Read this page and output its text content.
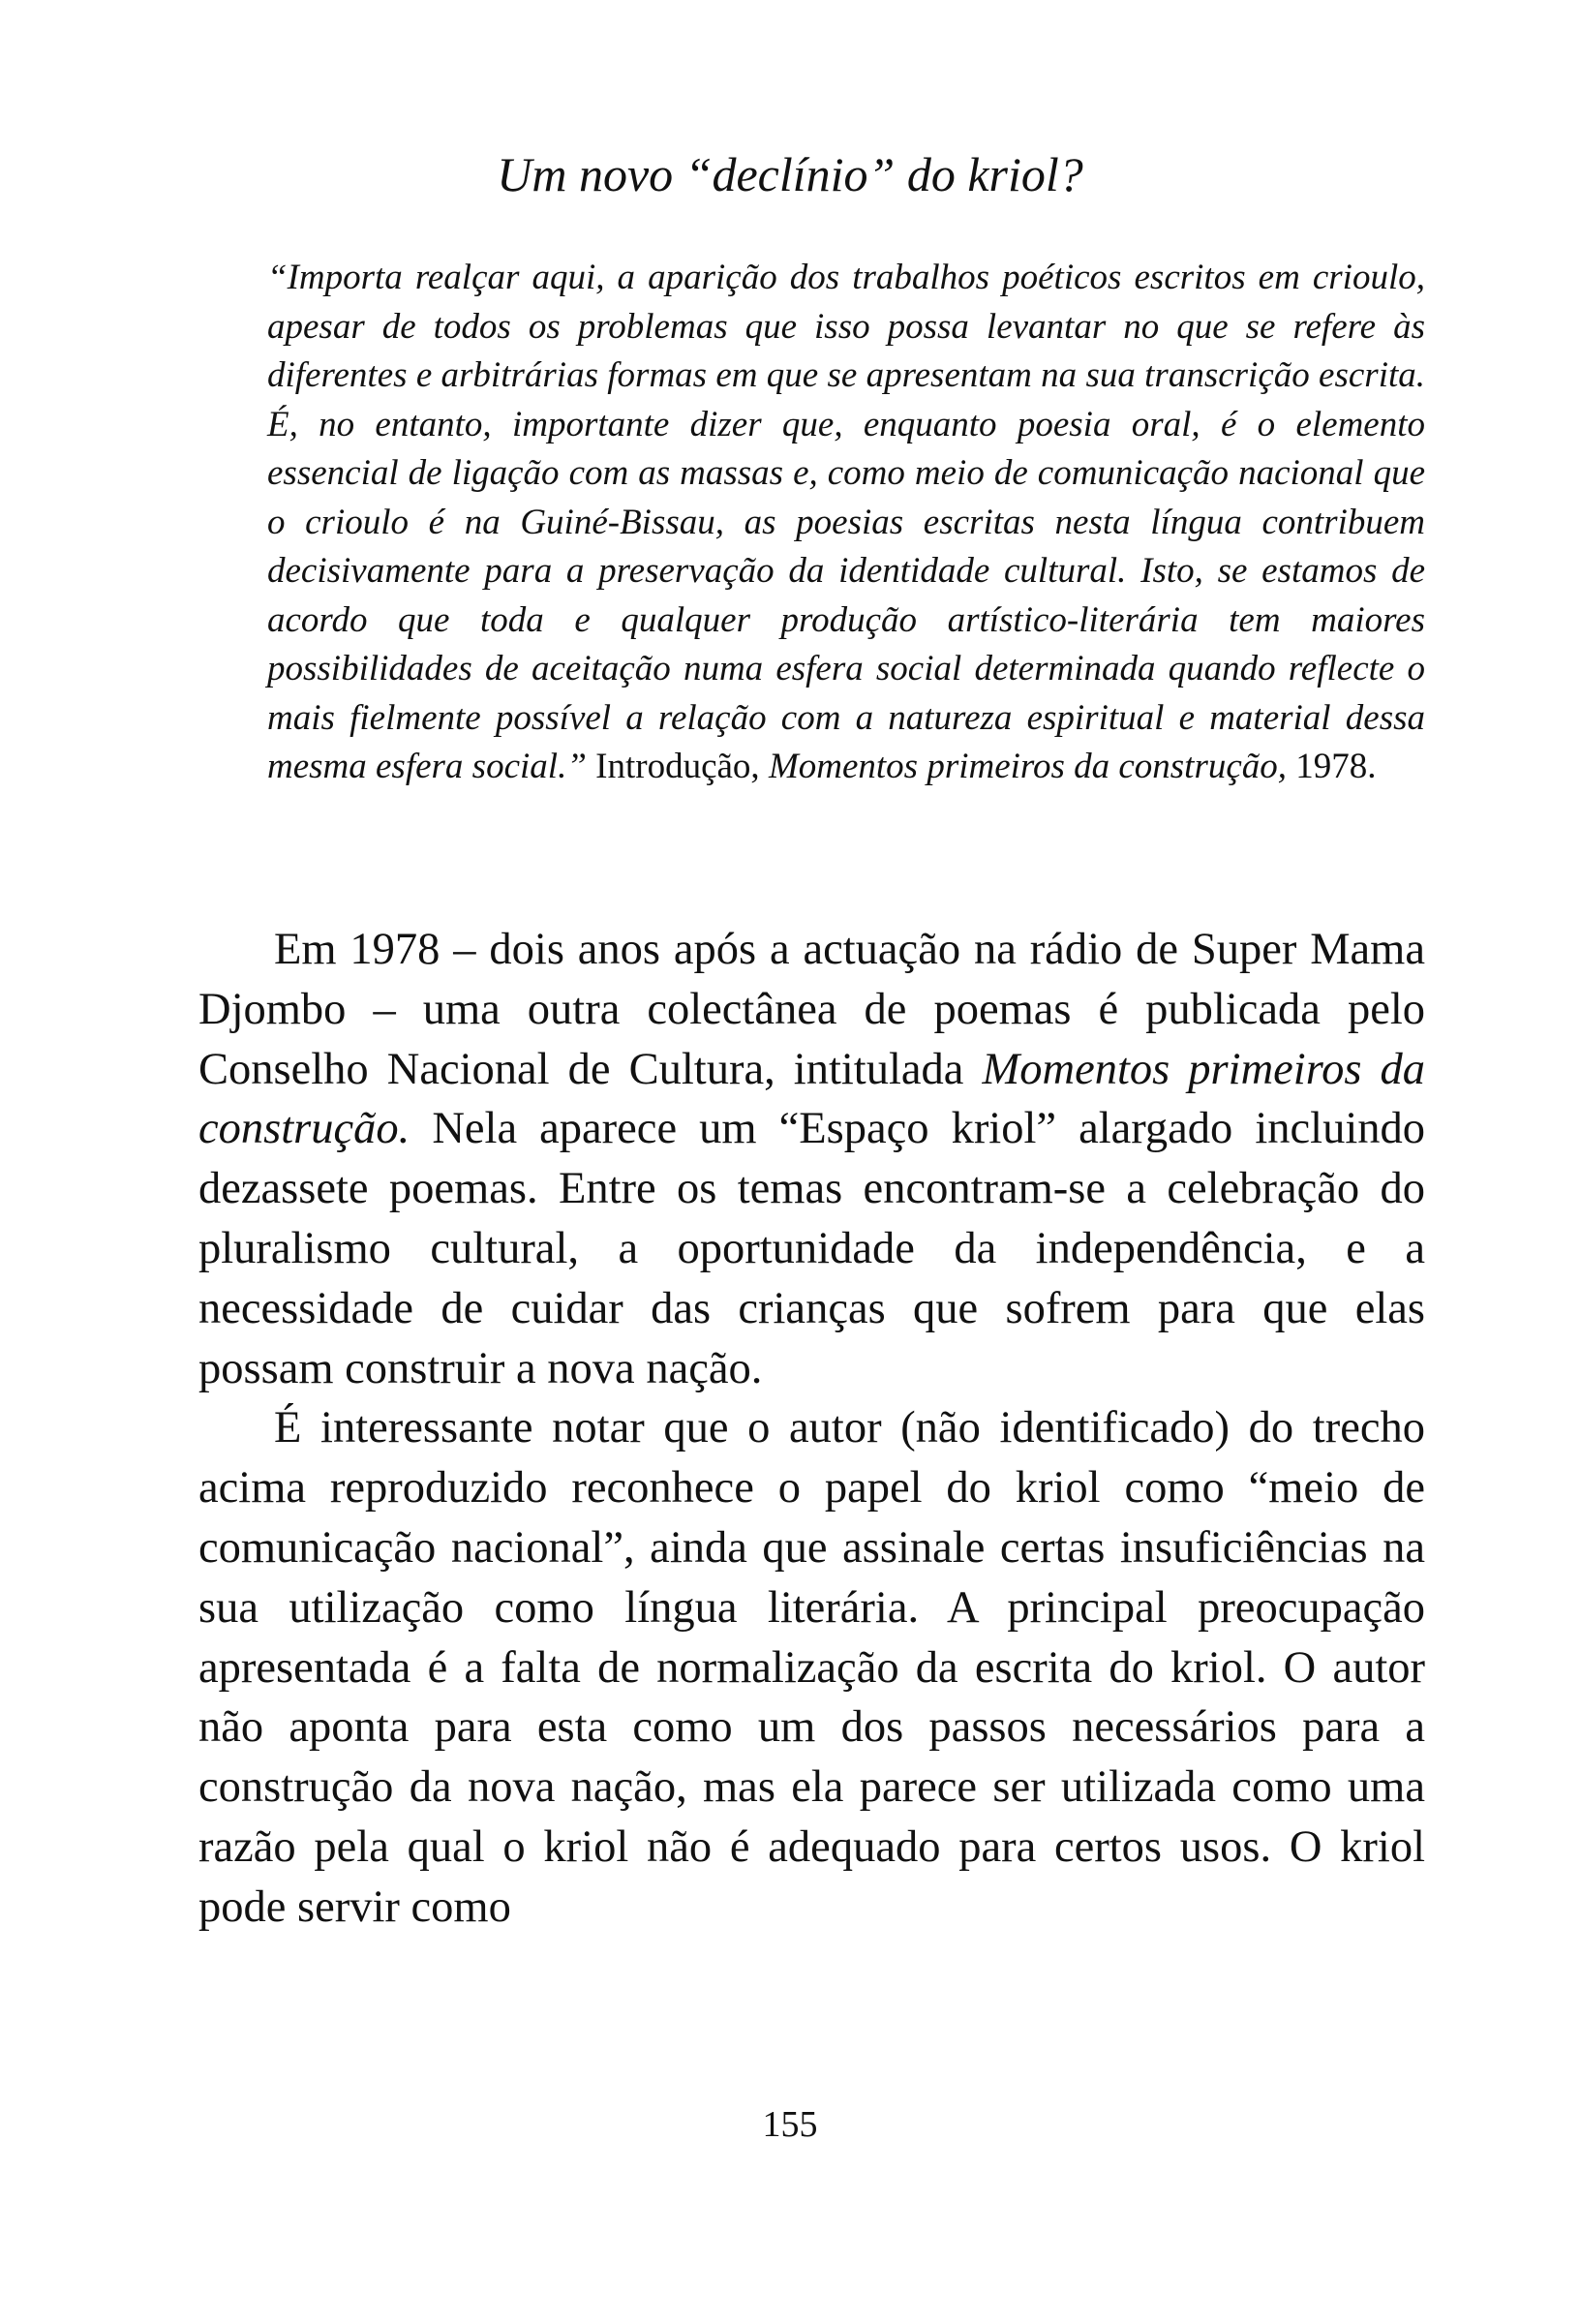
Um novo “declínio” do kriol?
“Importa realçar aqui, a aparição dos trabalhos poéticos escritos em crioulo, apesar de todos os problemas que isso possa levantar no que se refere às diferentes e arbitrárias formas em que se apresentam na sua transcrição escrita. É, no entanto, importante dizer que, enquanto poesia oral, é o elemento essencial de ligação com as massas e, como meio de comunicação nacional que o crioulo é na Guiné-Bissau, as poesias escritas nesta língua contribuem decisivamente para a preservação da identidade cultural. Isto, se estamos de acordo que toda e qualquer produção artístico-literária tem maiores possibilidades de aceitação numa esfera social determinada quando reflecte o mais fielmente possível a relação com a natureza espiritual e material dessa mesma esfera social.” Introdução, Momentos primeiros da construção, 1978.

Em 1978 – dois anos após a actuação na rádio de Super Mama Djombo – uma outra colectânea de poemas é publicada pelo Conselho Nacional de Cultura, intitulada Momentos primeiros da construção. Nela aparece um “Espaço kriol” alargado incluindo dezassete poemas. Entre os temas encontram-se a celebração do pluralismo cultural, a oportunidade da independência, e a necessidade de cuidar das crianças que sofrem para que elas possam construir a nova nação.

É interessante notar que o autor (não identificado) do trecho acima reproduzido reconhece o papel do kriol como “meio de comunicação nacional”, ainda que assinale certas insuficiências na sua utilização como língua literária. A principal preocupação apresentada é a falta de normalização da escrita do kriol. O autor não aponta para esta como um dos passos necessários para a construção da nova nação, mas ela parece ser utilizada como uma razão pela qual o kriol não é adequado para certos usos. O kriol pode servir como

155
